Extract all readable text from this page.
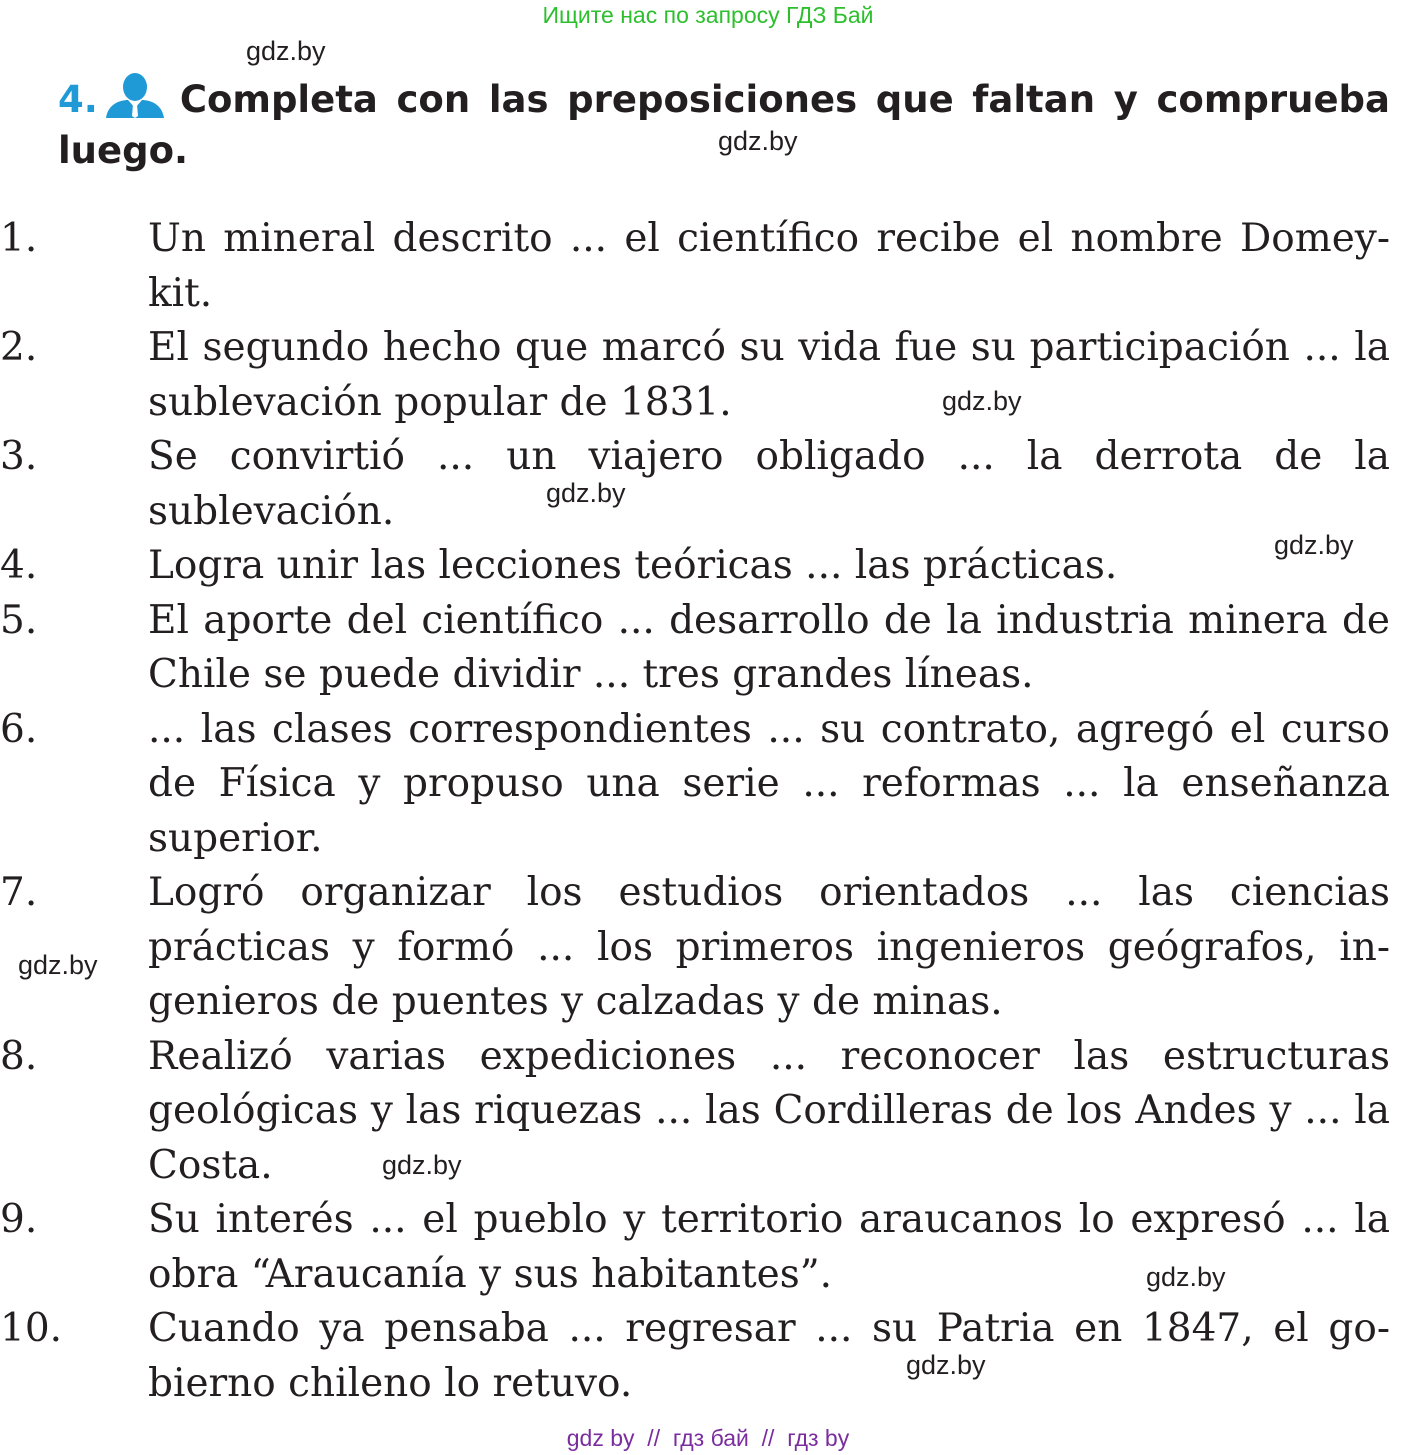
Ищите нас по запросу ГДЗ Бай
gdz.by
4. Completa con las preposiciones que faltan y comprueba luego.	gdz.by
1.	Un mineral descrito ... el científico recibe el nombre Domeykit.
2.	El segundo hecho que marcó su vida fue su participación ... la sublevación popular de 1831.
3.	Se convirtió ... un viajero obligado ... la derrota de la sublevación.
4.	Logra unir las lecciones teóricas ... las prácticas.
5.	El aporte del científico ... desarrollo de la industria minera de Chile se puede dividir ... tres grandes líneas.
6.	... las clases correspondientes ... su contrato, agregó el curso de Física y propuso una serie ... reformas ... la enseñanza superior.
7.	Logró organizar los estudios orientados ... las ciencias prácticas y formó ... los primeros ingenieros geógrafos, ingenieros de puentes y calzadas y de minas.
8.	Realizó varias expediciones ... reconocer las estructuras geológicas y las riquezas ... las Cordilleras de los Andes y ... la Costa.
9.	Su interés ... el pueblo y territorio araucanos lo expresó ... la obra “Araucanía y sus habitantes”.
10.	Cuando ya pensaba ... regresar ... su Patria en 1847, el gobierno chileno lo retuvo.
gdz.by
gdz.by
gdz.by
gdz.by
gdz.by
gdz.by
gdz.by
gdz by  //  гдз бай  //  гдз by
